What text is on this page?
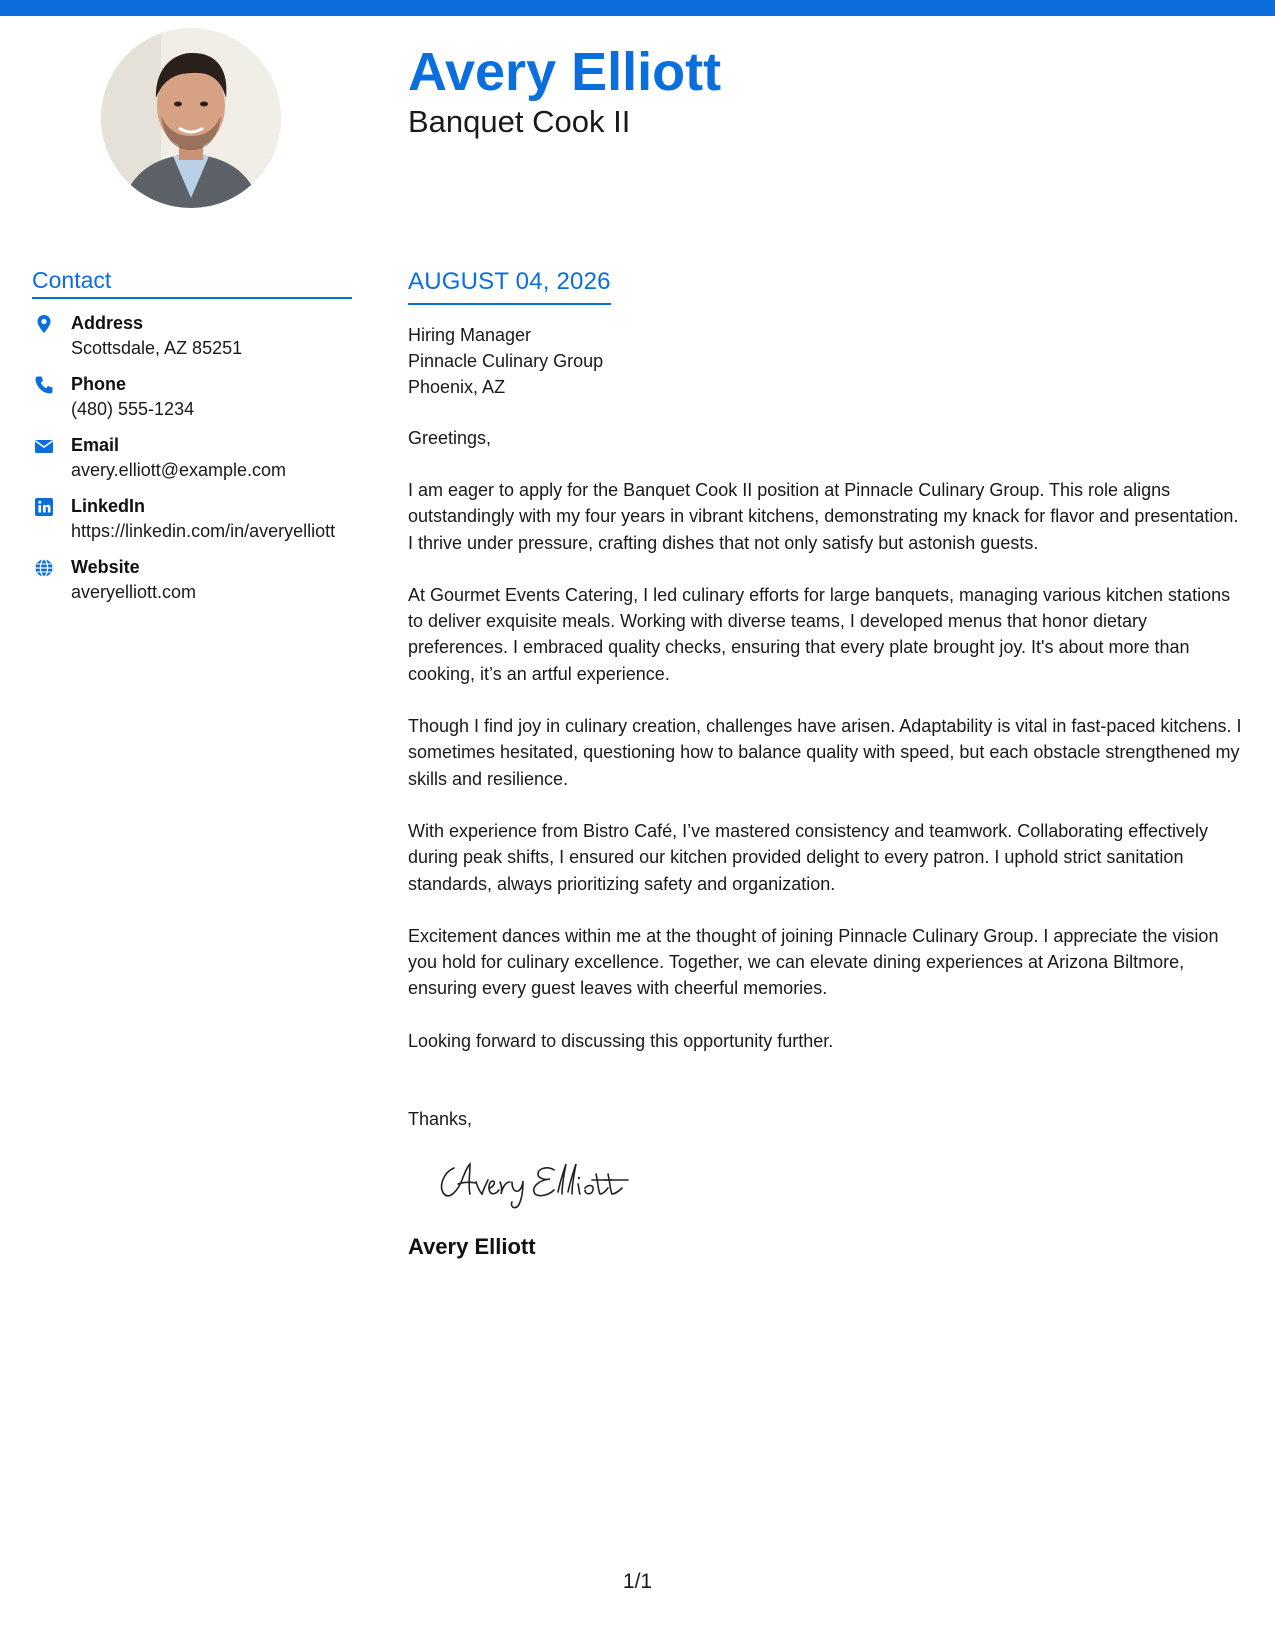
Avery Elliott
Banquet Cook II
Contact
Address
Scottsdale, AZ 85251
Phone
(480) 555-1234
Email
avery.elliott@example.com
LinkedIn
https://linkedin.com/in/averyelliott
Website
averyelliott.com
AUGUST 04, 2026
Hiring Manager
Pinnacle Culinary Group
Phoenix, AZ
Greetings,
I am eager to apply for the Banquet Cook II position at Pinnacle Culinary Group. This role aligns outstandingly with my four years in vibrant kitchens, demonstrating my knack for flavor and presentation. I thrive under pressure, crafting dishes that not only satisfy but astonish guests.
At Gourmet Events Catering, I led culinary efforts for large banquets, managing various kitchen stations to deliver exquisite meals. Working with diverse teams, I developed menus that honor dietary preferences. I embraced quality checks, ensuring that every plate brought joy. It's about more than cooking, it’s an artful experience.
Though I find joy in culinary creation, challenges have arisen. Adaptability is vital in fast-paced kitchens. I sometimes hesitated, questioning how to balance quality with speed, but each obstacle strengthened my skills and resilience.
With experience from Bistro Café, I’ve mastered consistency and teamwork. Collaborating effectively during peak shifts, I ensured our kitchen provided delight to every patron. I uphold strict sanitation standards, always prioritizing safety and organization.
Excitement dances within me at the thought of joining Pinnacle Culinary Group. I appreciate the vision you hold for culinary excellence. Together, we can elevate dining experiences at Arizona Biltmore, ensuring every guest leaves with cheerful memories.
Looking forward to discussing this opportunity further.
Thanks,
Avery Elliott
1/1
